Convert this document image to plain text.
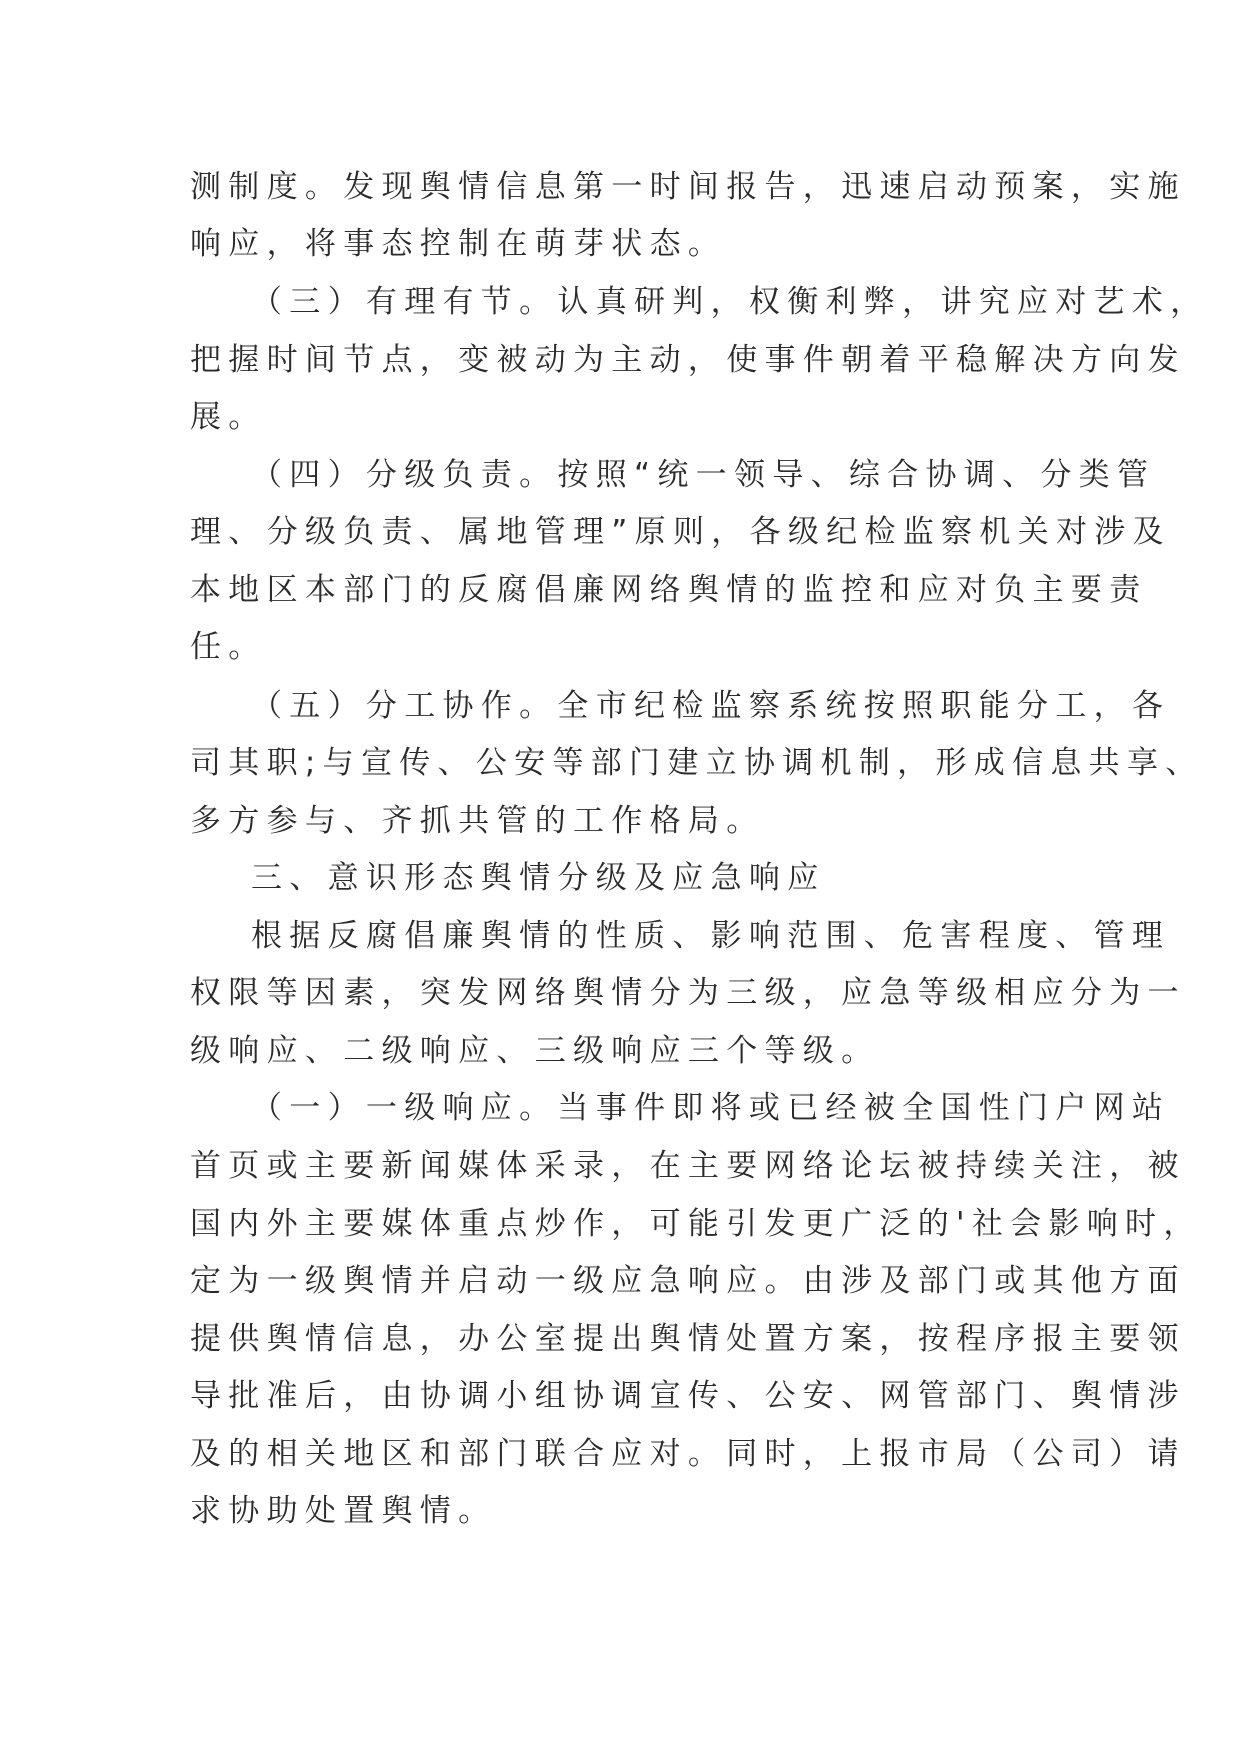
测制度。发现舆情信息第一时间报告，迅速启动预案，实施
响应，将事态控制在萌芽状态。
（三）有理有节。认真研判，权衡利弊，讲究应对艺术，
把握时间节点，变被动为主动，使事件朝着平稳解决方向发
展。
（四）分级负责。按照“统一领导、综合协调、分类管
理、分级负责、属地管理”原则，各级纪检监察机关对涉及
本地区本部门的反腐倡廉网络舆情的监控和应对负主要责
任。
（五）分工协作。全市纪检监察系统按照职能分工，各
司其职;与宣传、公安等部门建立协调机制，形成信息共享、
多方参与、齐抓共管的工作格局。
三、意识形态舆情分级及应急响应
根据反腐倡廉舆情的性质、影响范围、危害程度、管理
权限等因素，突发网络舆情分为三级，应急等级相应分为一
级响应、二级响应、三级响应三个等级。
（一）一级响应。当事件即将或已经被全国性门户网站
首页或主要新闻媒体采录，在主要网络论坛被持续关注，被
国内外主要媒体重点炒作，可能引发更广泛的'社会影响时，
定为一级舆情并启动一级应急响应。由涉及部门或其他方面
提供舆情信息，办公室提出舆情处置方案，按程序报主要领
导批准后，由协调小组协调宣传、公安、网管部门、舆情涉
及的相关地区和部门联合应对。同时，上报市局（公司）请
求协助处置舆情。
